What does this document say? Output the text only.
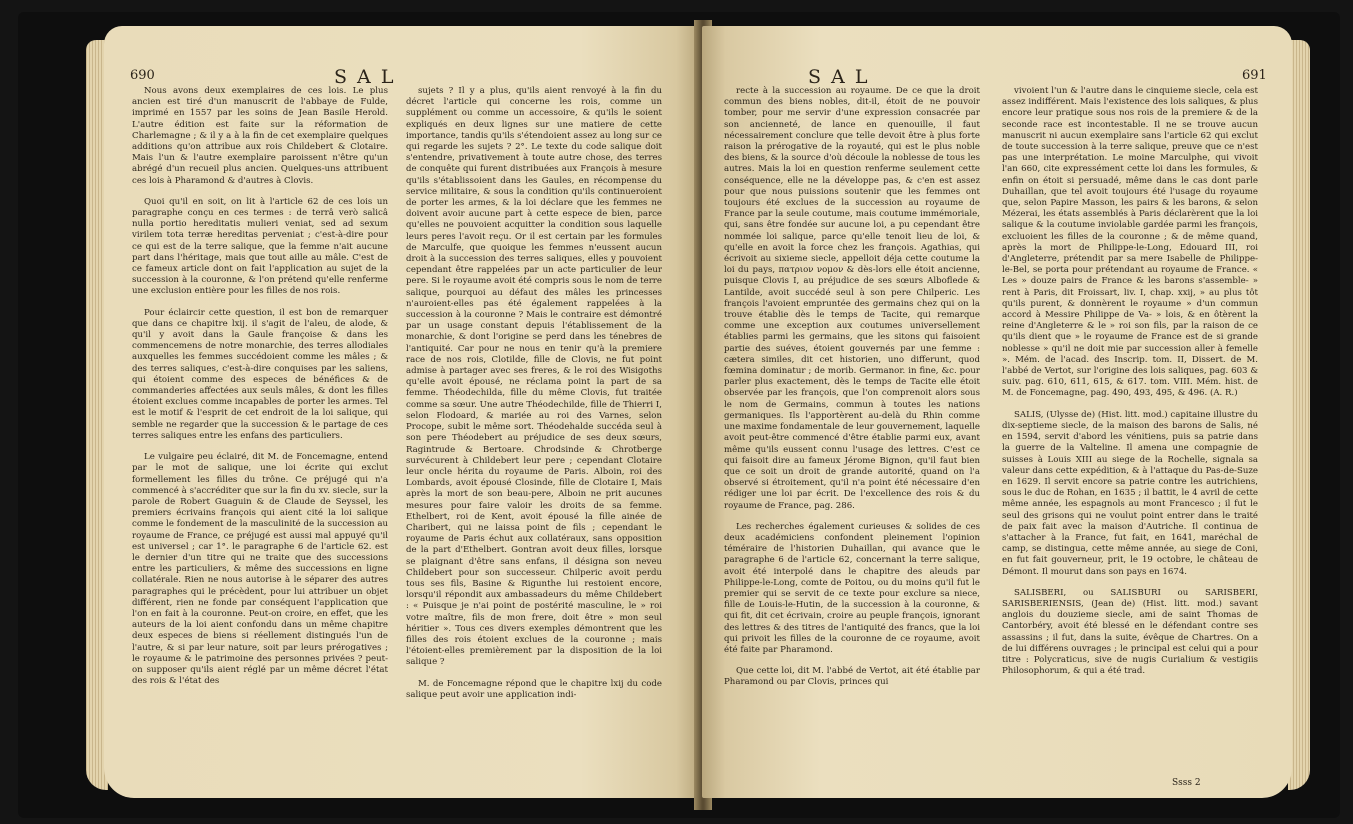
690	S A L

Nous avons deux exemplaires de ces lois. Le plus ancien est tiré d'un manuscrit de l'abbaye de Fulde, imprimé en 1557 par les soins de Jean Basile Herold. L'autre édition est faite sur la réformation de Charlemagne ; & il y a à la fin de cet exemplaire quelques additions qu'on attribue aux rois Childebert & Clotaire. Mais l'un & l'autre exemplaire paroissent n'être qu'un abrégé d'un recueil plus ancien. Quelques-uns attribuent ces lois à Pharamond & d'autres à Clovis.

Quoi qu'il en soit, on lit à l'article 62 de ces lois un paragraphe conçu en ces termes : de terrâ verò salicâ nulla portio hereditatis mulieri veniat, sed ad sexum virilem tota terræ hereditas perveniat ; c'est-à-dire pour ce qui est de la terre salique, que la femme n'ait aucune part dans l'héritage, mais que tout aille au mâle. C'est de ce fameux article dont on fait l'application au sujet de la succession à la couronne, & l'on prétend qu'elle renferme une exclusion entière pour les filles de nos rois.

Pour éclaircir cette question, il est bon de remarquer que dans ce chapitre lxij. il s'agit de l'aleu, de alode, & qu'il y avoit dans la Gaule françoise & dans les commencemens de notre monarchie, des terres allodiales auxquelles les femmes succédoient comme les mâles ; & des terres saliques, c'est-à-dire conquises par les saliens, qui étoient comme des especes de bénéfices & de commanderies affectées aux seuls mâles, & dont les filles étoient exclues comme incapables de porter les armes. Tel est le motif & l'esprit de cet endroit de la loi salique, qui semble ne regarder que la succession & le partage de ces terres saliques entre les enfans des particuliers.

Le vulgaire peu éclairé, dit M. de Foncemagne, entend par le mot de salique, une loi écrite qui exclut formellement les filles du trône. Ce préjugé qui n'a commencé à s'accréditer que sur la fin du xv. siecle, sur la parole de Robert Guaguin & de Claude de Seyssel, les premiers écrivains françois qui aient cité la loi salique comme le fondement de la masculinité de la succession au royaume de France, ce préjugé est aussi mal appuyé qu'il est universel ; car 1°. le paragraphe 6 de l'article 62. est le dernier d'un titre qui ne traite que des successions entre les particuliers, & même des successions en ligne collatérale. Rien ne nous autorise à le séparer des autres paragraphes qui le précèdent, pour lui attribuer un objet différent, rien ne fonde par conséquent l'application que l'on en fait à la couronne. Peut-on croire, en effet, que les auteurs de la loi aient confondu dans un même chapitre deux especes de biens si réellement distingués l'un de l'autre, & si par leur nature, soit par leurs prérogatives ; le royaume & le patrimoine des personnes privées ? peut-on supposer qu'ils aient réglé par un même décret l'état des rois & l'état des

sujets ? Il y a plus, qu'ils aient renvoyé à la fin du décret l'article qui concerne les rois, comme un supplément ou comme un accessoire, & qu'ils le soient expliqués en deux lignes sur une matiere de cette importance, tandis qu'ils s'étendoient assez au long sur ce qui regarde les sujets ? 2°. Le texte du code salique doit s'entendre, privativement à toute autre chose, des terres de conquête qui furent distribuées aux François à mesure qu'ils s'établissoient dans les Gaules, en récompense du service militaire, & sous la condition qu'ils continueroient de porter les armes, & la loi déclare que les femmes ne doivent avoir aucune part à cette espece de bien, parce qu'elles ne pouvoient acquitter la condition sous laquelle leurs peres l'avoit reçu. Or il est certain par les formules de Marculfe, que quoique les femmes n'eussent aucun droit à la succession des terres saliques, elles y pouvoient cependant être rappelées par un acte particulier de leur pere. Si le royaume avoit été compris sous le nom de terre salique, pourquoi au défaut des mâles les princesses n'auroient-elles pas été également rappelées à la succession à la couronne ? Mais le contraire est démontré par un usage constant depuis l'établissement de la monarchie, & dont l'origine se perd dans les ténebres de l'antiquité. Car pour ne nous en tenir qu'à la premiere race de nos rois, Clotilde, fille de Clovis, ne fut point admise à partager avec ses freres, & le roi des Wisigoths qu'elle avoit épousé, ne réclama point la part de sa femme. Théodechilda, fille du même Clovis, fut traitée comme sa sœur. Une autre Théodechilde, fille de Thierri I, selon Flodoard, & mariée au roi des Varnes, selon Procope, subit le même sort. Théodehalde succéda seul à son pere Théodebert au préjudice de ses deux sœurs, Ragintrude & Bertoare. Chrodsinde & Chrotberge survécurent à Childebert leur pere ; cependant Clotaire leur oncle hérita du royaume de Paris. Alboin, roi des Lombards, avoit épousé Closinde, fille de Clotaire I, Mais après la mort de son beau-pere, Alboin ne prit aucunes mesures pour faire valoir les droits de sa femme. Ethelbert, roi de Kent, avoit épousé la fille ainée de Charibert, qui ne laissa point de fils ; cependant le royaume de Paris échut aux collatéraux, sans opposition de la part d'Ethelbert. Gontran avoit deux filles, lorsque se plaignant d'être sans enfans, il désigna son neveu Childebert pour son successeur. Chilperic avoit perdu tous ses fils, Basine & Rigunthe lui restoient encore, lorsqu'il répondit aux ambassadeurs du même Childebert : « Puisque je n'ai point de postérité masculine, le » roi votre maître, fils de mon frere, doit être » mon seul héritier ». Tous ces divers exemples démontrent que les filles des rois étoient exclues de la couronne ; mais l'étoient-elles premièrement par la disposition de la loi salique ?

M. de Foncemagne répond que le chapitre lxij du code salique peut avoir une application indi-

S A L	691

recte à la succession au royaume. De ce que la droit commun des biens nobles, dit-il, étoit de ne pouvoir tomber, pour me servir d'une expression consacrée par son ancienneté, de lance en quenouille, il faut nécessairement conclure que telle devoit être à plus forte raison la prérogative de la royauté, qui est le plus noble des biens, & la source d'où découle la noblesse de tous les autres. Mais la loi en question renferme seulement cette conséquence, elle ne la développe pas, & c'en est assez pour que nous puissions soutenir que les femmes ont toujours été exclues de la succession au royaume de France par la seule coutume, mais coutume immémoriale, qui, sans être fondée sur aucune loi, a pu cependant être nommée loi salique, parce qu'elle tenoit lieu de loi, & qu'elle en avoit la force chez les françois. Agathias, qui écrivoit au sixieme siecle, appelloit déja cette coutume la loi du pays, πατριον νομον & dès-lors elle étoit ancienne, puisque Clovis I, au préjudice de ses sœurs Alboflede & Lantilde, avoit succédé seul à son pere Chilperic. Les françois l'avoient empruntée des germains chez qui on la trouve établie dès le temps de Tacite, qui remarque comme une exception aux coutumes universellement établies parmi les germains, que les sitons qui faisoient partie des suéves, étoient gouvernés par une femme : cætera similes, dit cet historien, uno differunt, quod fœmina dominatur ; de morib. Germanor. in fine, &c. pour parler plus exactement, dès le temps de Tacite elle étoit observée par les françois, que l'on comprenoit alors sous le nom de Germains, commun à toutes les nations germaniques. Ils l'apportèrent au-delà du Rhin comme une maxime fondamentale de leur gouvernement, laquelle avoit peut-être commencé d'être établie parmi eux, avant même qu'ils eussent connu l'usage des lettres. C'est ce qui faisoit dire au fameux Jérome Bignon, qu'il faut bien que ce soit un droit de grande autorité, quand on l'a observé si étroitement, qu'il n'a point été nécessaire d'en rédiger une loi par écrit. De l'excellence des rois & du royaume de France, pag. 286.

Les recherches également curieuses & solides de ces deux académiciens confondent pleinement l'opinion téméraire de l'historien Duhaillan, qui avance que le paragraphe 6 de l'article 62, concernant la terre salique, avoit été interpolé dans le chapitre des aleuds par Philippe-le-Long, comte de Poitou, ou du moins qu'il fut le premier qui se servit de ce texte pour exclure sa niece, fille de Louis-le-Hutin, de la succession à la couronne, & qui fit, dit cet écrivain, croire au peuple françois, ignorant des lettres & des titres de l'antiquité des francs, que la loi qui privoit les filles de la couronne de ce royaume, avoit été faite par Pharamond.

Que cette loi, dit M. l'abbé de Vertot, ait été établie par Pharamond ou par Clovis, princes qui

vivoient l'un & l'autre dans le cinquieme siecle, cela est assez indifférent. Mais l'existence des lois saliques, & plus encore leur pratique sous nos rois de la premiere & de la seconde race est incontestable. Il ne se trouve aucun manuscrit ni aucun exemplaire sans l'article 62 qui exclut de toute succession à la terre salique, preuve que ce n'est pas une interprétation. Le moine Marculphe, qui vivoit l'an 660, cite expressément cette loi dans les formules, & enfin on étoit si persuadé, même dans le cas dont parle Duhaillan, que tel avoit toujours été l'usage du royaume que, selon Papire Masson, les pairs & les barons, & selon Mézerai, les états assemblés à Paris déclarèrent que la loi salique & la coutume inviolable gardée parmi les françois, excluoient les filles de la couronne ; & de même quand, après la mort de Philippe-le-Long, Edouard III, roi d'Angleterre, prétendit par sa mere Isabelle de Philippe-le-Bel, se porta pour prétendant au royaume de France. « Les » douze pairs de France & les barons s'assemble- » rent à Paris, dit Froissart, liv. I, chap. xxij, » au plus tôt qu'ils purent, & donnèrent le royaume » d'un commun accord à Messire Philippe de Va- » lois, & en ôtèrent la reine d'Angleterre & le » roi son fils, par la raison de ce qu'ils dient que » le royaume de France est de si grande noblesse » qu'il ne doit mie par succession aller à femelle ». Mém. de l'acad. des Inscrip. tom. II, Dissert. de M. l'abbé de Vertot, sur l'origine des lois saliques, pag. 603 & suiv. pag. 610, 611, 615, & 617. tom. VIII. Mém. hist. de M. de Foncemagne, pag. 490, 493, 495, & 496. (A. R.)

SALIS, (Ulysse de) (Hist. litt. mod.) capitaine illustre du dix-septieme siecle, de la maison des barons de Salis, né en 1594, servit d'abord les vénitiens, puis sa patrie dans la guerre de la Valteline. Il amena une compagnie de suisses à Louis XIII au siege de la Rochelle, signala sa valeur dans cette expédition, & à l'attaque du Pas-de-Suze en 1629. Il servit encore sa patrie contre les autrichiens, sous le duc de Rohan, en 1635 ; il battit, le 4 avril de cette même année, les espagnols au mont Francesco ; il fut le seul des grisons qui ne voulut point entrer dans le traité de paix fait avec la maison d'Autriche. Il continua de s'attacher à la France, fut fait, en 1641, maréchal de camp, se distingua, cette même année, au siege de Coni, en fut fait gouverneur, prit, le 19 octobre, le château de Démont. Il mourut dans son pays en 1674.

SALISBERI, ou SALISBURI ou SARISBERI, SARISBERIENSIS, (Jean de) (Hist. litt. mod.) savant anglois du douzieme siecle, ami de saint Thomas de Cantorbéry, avoit été blessé en le défendant contre ses assassins ; il fut, dans la suite, évêque de Chartres. On a de lui différens ouvrages ; le principal est celui qui a pour titre : Polycraticus, sive de nugis Curialium & vestigiis Philosophorum, & qui a été trad.

Ssss 2
